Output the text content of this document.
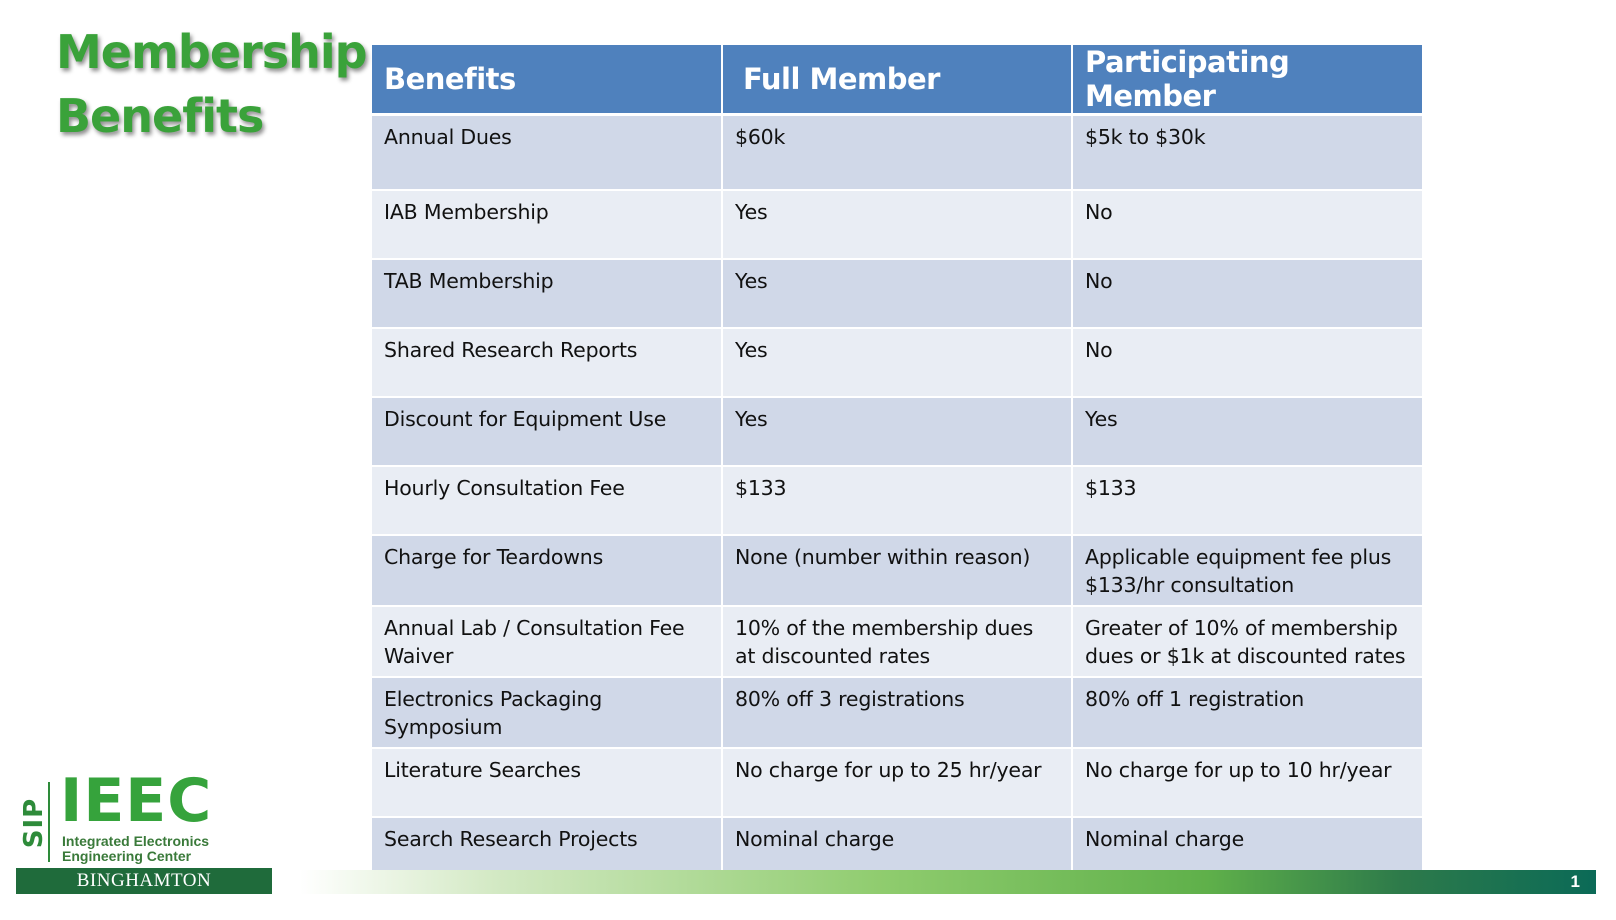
Membership
Benefits
Benefits	Full Member	Participating Member
Annual Dues	$60k	$5k to $30k
IAB Membership	Yes	No
TAB Membership	Yes	No
Shared Research Reports	Yes	No
Discount for Equipment Use	Yes	Yes
Hourly Consultation Fee	$133	$133
Charge for Teardowns	None (number within reason)	Applicable equipment fee plus $133/hr consultation
Annual Lab / Consultation Fee Waiver	10% of the membership dues at discounted rates	Greater of 10% of membership dues or $1k at discounted rates
Electronics Packaging Symposium	80% off 3 registrations	80% off 1 registration
Literature Searches	No charge for up to 25 hr/year	No charge for up to 10 hr/year
Search Research Projects	Nominal charge	Nominal charge
SIP IEEC
Integrated Electronics
Engineering Center
BINGHAMTON UNIVERSITY
1
